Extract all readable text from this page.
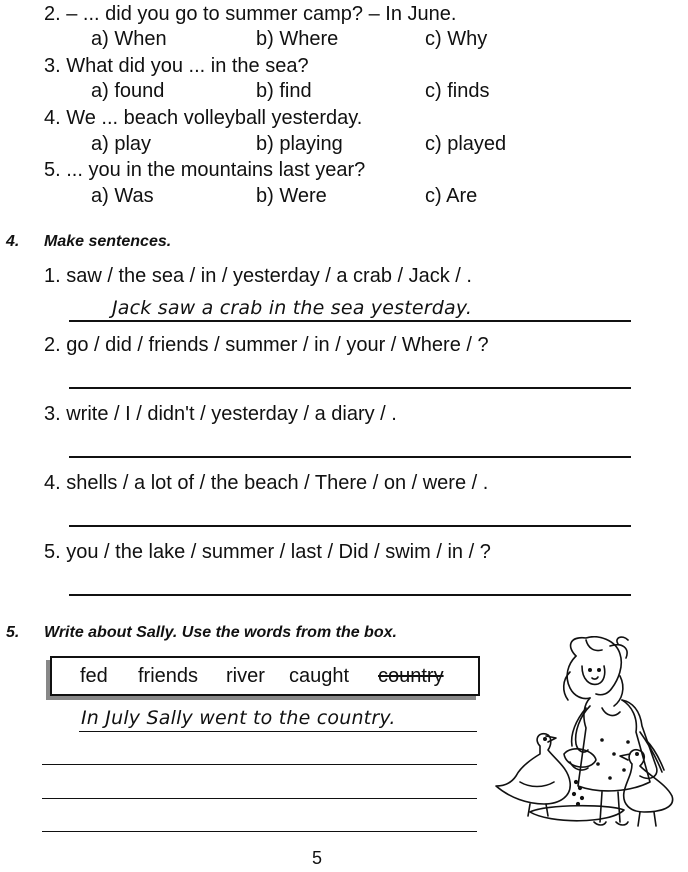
2. – ... did you go to summer camp? – In June.
a) When	b) Where	c) Why
3. What did you ... in the sea?
a) found	b) find	c) finds
4. We ... beach volleyball yesterday.
a) play	b) playing	c) played
5. ... you in the mountains last year?
a) Was	b) Were	c) Are
4. Make sentences.
1. saw / the sea / in / yesterday / a crab / Jack / .
Jack saw a crab in the sea yesterday.
2. go / did / friends / summer / in / your / Where / ?
3. write / I / didn't / yesterday / a diary / .
4. shells / a lot of / the beach / There / on / were / .
5. you / the lake / summer / last / Did / swim / in / ?
5. Write about Sally. Use the words from the box.
fed friends river caught country
In July Sally went to the country.
5
